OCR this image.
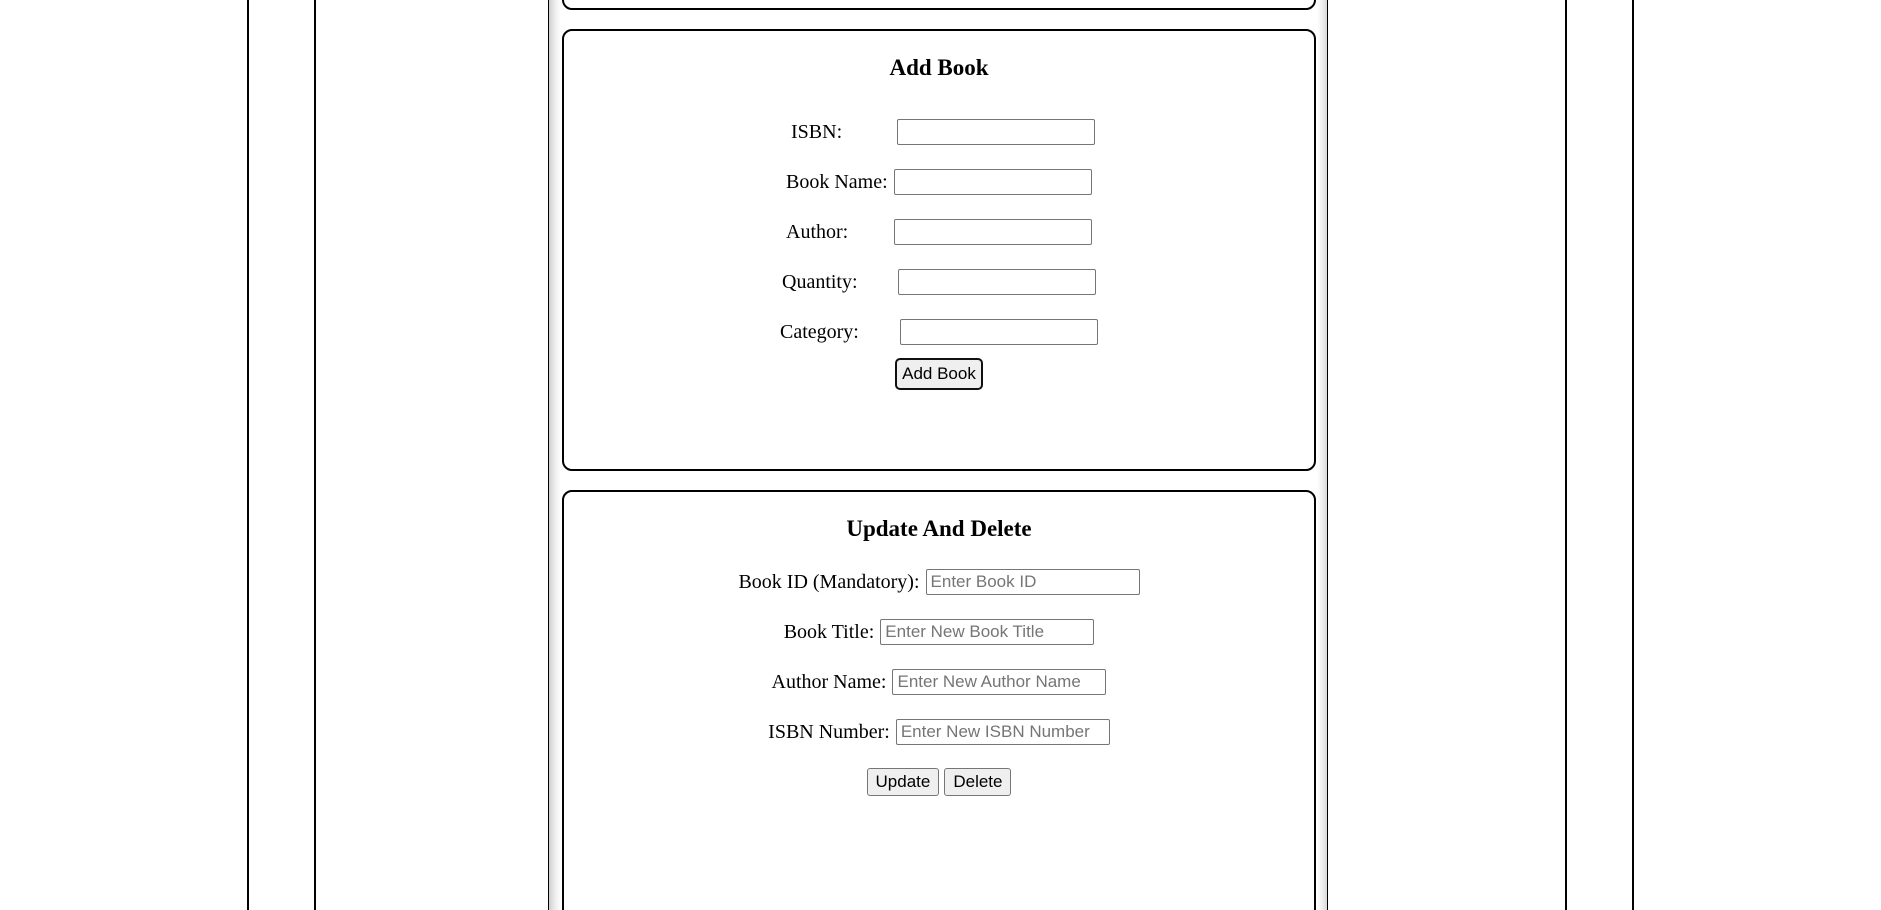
Add Book
ISBN:
Book Name:
Author:
Quantity:
Category:
Add Book
Update And Delete
Book ID (Mandatory):
Enter Book ID
Book Title:
Enter New Book Title
Author Name:
Enter New Author Name
ISBN Number:
Enter New ISBN Number
Update	Delete
